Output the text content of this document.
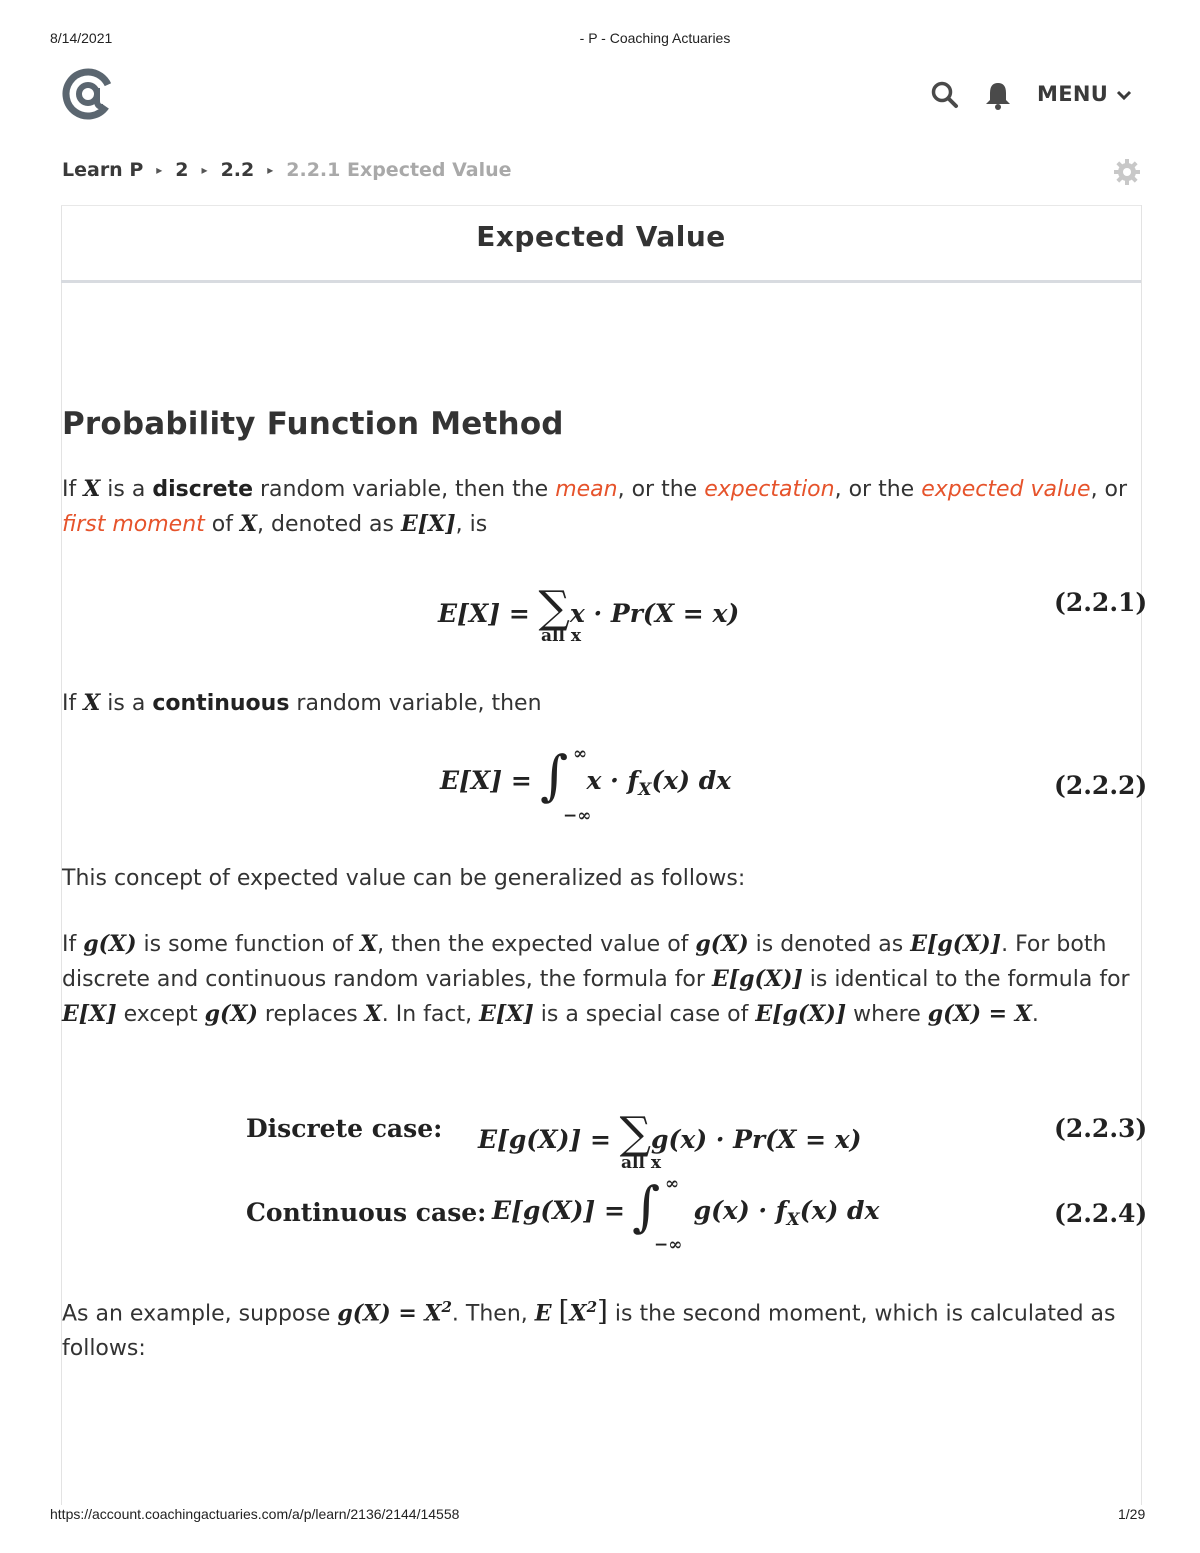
8/14/2021	- P - Coaching Actuaries
https://account.coachingactuaries.com/a/p/learn/2136/2144/14558	1/29
MENU
Learn P ▸ 2 ▸ 2.2 ▸ 2.2.1 Expected Value
Expected Value
Probability Function Method
If X is a discrete random variable, then the mean, or the expectation, or the expected value, or first moment of X, denoted as E[X], is
E[X] = ∑x · Pr(X = x)
all x
(2.2.1)
If X is a continuous random variable, then
$E[X] = x \cdot f_X(x)$ dx
∫ ∞
−∞
(2.2.2)
This concept of expected value can be generalized as follows:
If g(X) is some function of X, then the expected value of g(X) is denoted as E[g(X)]. For both discrete and continuous random variables, the formula for E[g(X)] is identical to the formula for E[X] except g(X) replaces X. In fact, E[X] is a special case of E[g(X)] where g(X) = X.
Discrete case: E[g(X)] = ∑g(x) · Pr(X = x)
all x
(2.2.3)
Continuous case: $E[g(X)] = g(x) \cdot f_X(x)$ dx
∫ ∞
−∞
(2.2.4)
As an example, suppose $g(X) = X^2$. Then, E $[X^2]$ is the second moment, which is calculated as follows:
